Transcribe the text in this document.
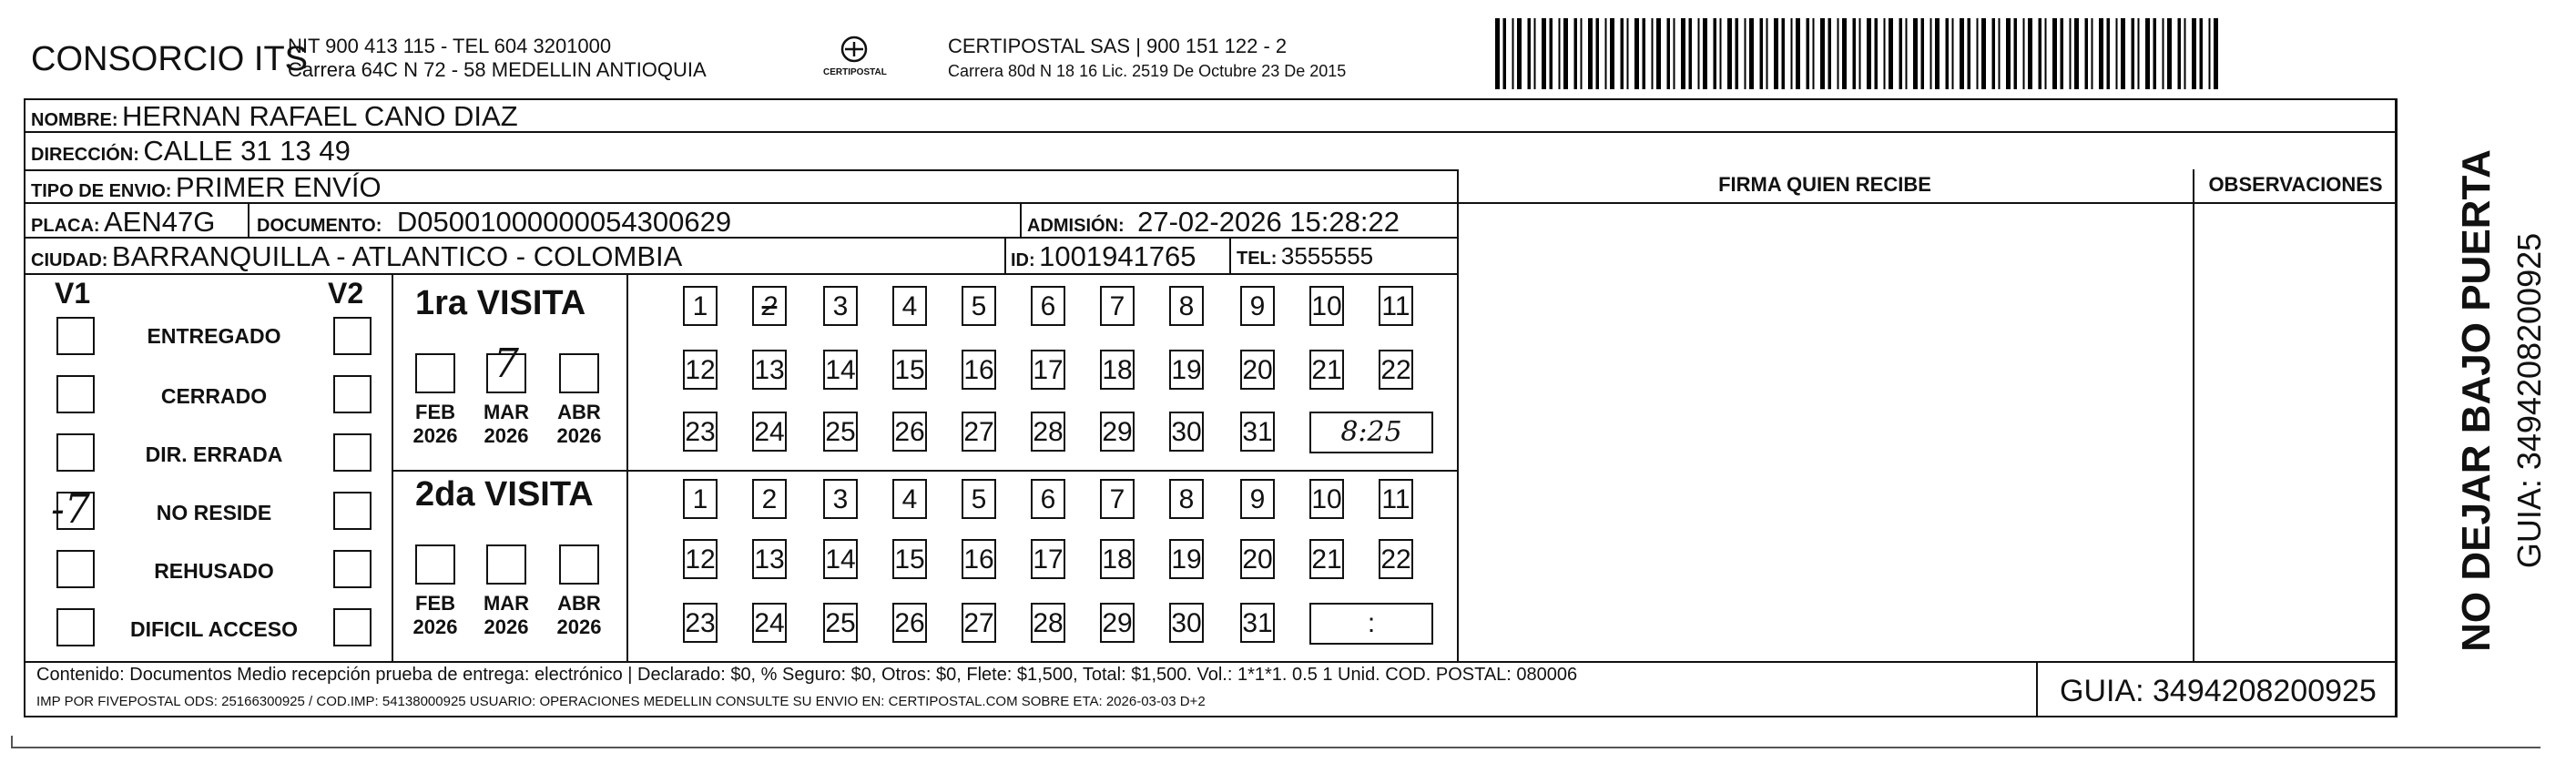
CONSORCIO ITS
NIT 900 413 115 - TEL 604 3201000
Carrera 64C N 72 - 58 MEDELLIN ANTIOQUIA	CERTIPOSTAL
CERTIPOSTAL SAS | 900 151 122 - 2
Carrera 80d N 18 16 Lic. 2519 De Octubre 23 De 2015
NOMBRE: HERNAN RAFAEL CANO DIAZ
DIRECCIÓN: CALLE 31 13 49
TIPO DE ENVIO: PRIMER ENVÍO
PLACA: AEN47G DOCUMENTO: D050010000000543006​29	ADMISIÓN: 27-02-2026 15:28:22
CIUDAD: BARRANQUILLA - ATLANTICO - COLOMBIA	ID: 1001941765 TEL: 3555555
FIRMA QUIEN RECIBE	OBSERVACIONES
V1	V2
ENTREGADO
CERRADO
DIR. ERRADA
-7	NO RESIDE
REHUSADO
DIFICIL ACCESO
1ra VISITA
FEB
2026
7
MAR
2026
ABR
2026
1	2	3	4	5	6	7	8	9	10 11
12 13 14 15 16 17 18 19 20 21 22
23 24 25 26 27 28 29 30 31	8:25
2da VISITA
FEB
2026
MAR
2026
ABR
2026
1	2	3	4	5	6	7	8	9	10 11
12 13 14 15 16 17 18 19 20 21 22
23 24 25 26 27 28 29 30 31	:
Contenido: Documentos Medio recepción prueba de entrega: electrónico | Declarado: $0, % Seguro: $0, Otros: $0, Flete: $1,500, Total: $1,500. Vol.: 1*1*1. 0.5 1 Unid. COD. POSTAL: 080006
IMP POR FIVEPOSTAL ODS: 25166300925 / COD.IMP: 54138000925 USUARIO: OPERACIONES MEDELLIN CONSULTE SU ENVIO EN: CERTIPOSTAL.COM SOBRE ETA: 2026-03-03 D+2	GUIA: 3494208200925
NO DEJAR BAJO PUERTA GUIA: 3494208200925
